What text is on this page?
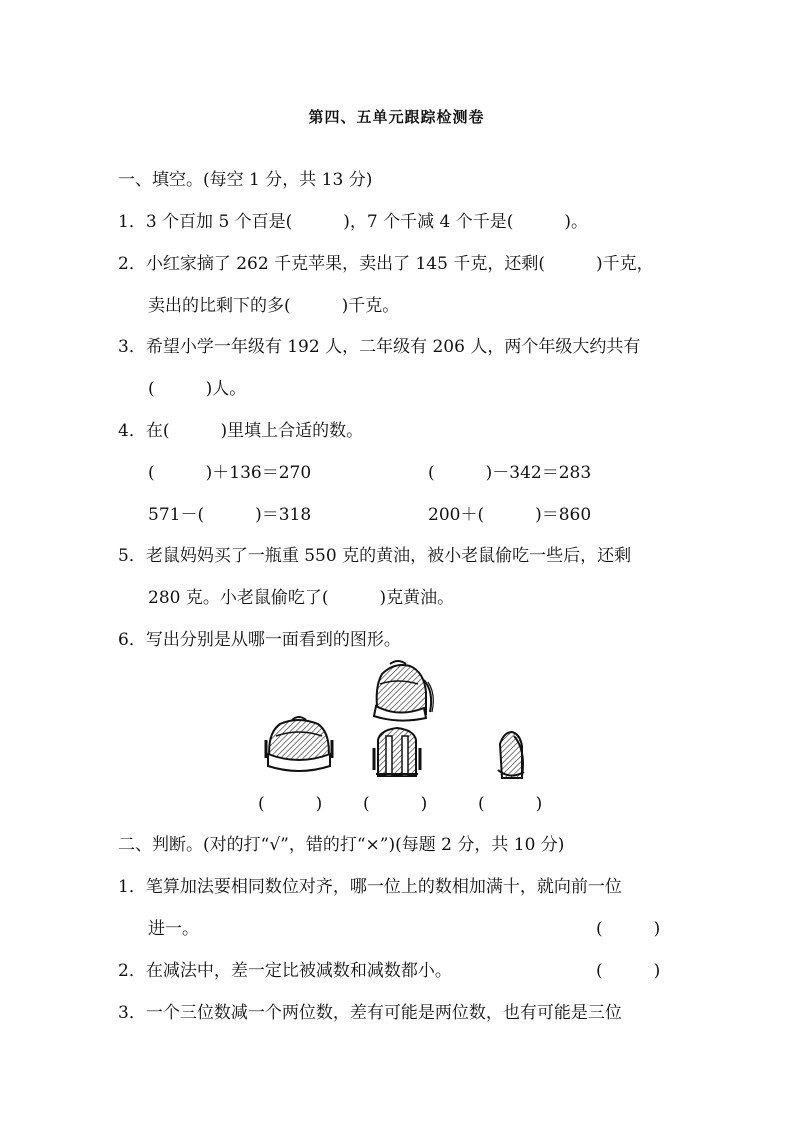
第四、五单元跟踪检测卷
一、填空。(每空 1 分，共 13 分)
1．3 个百加 5 个百是(　　　)，7 个千减 4 个千是(　　　)。
2．小红家摘了 262 千克苹果，卖出了 145 千克，还剩(　　　)千克，
卖出的比剩下的多(　　　)千克。
3．希望小学一年级有 192 人，二年级有 206 人，两个年级大约共有
(　　　)人。
4．在(　　　)里填上合适的数。
(　　　)＋136＝270	(　　　)－342＝283
571－(　　　)＝318	200＋(　　　)＝860
5．老鼠妈妈买了一瓶重 550 克的黄油，被小老鼠偷吃一些后，还剩
280 克。小老鼠偷吃了(　　　)克黄油。
6．写出分别是从哪一面看到的图形。
(　　　) (　　　)	(　　　)
二、判断。(对的打“√”，错的打“×”)(每题 2 分，共 10 分)
1．笔算加法要相同数位对齐，哪一位上的数相加满十，就向前一位
进一。	(　　　)
2．在减法中，差一定比被减数和减数都小。	(　　　)
3．一个三位数减一个两位数，差有可能是两位数，也有可能是三位
